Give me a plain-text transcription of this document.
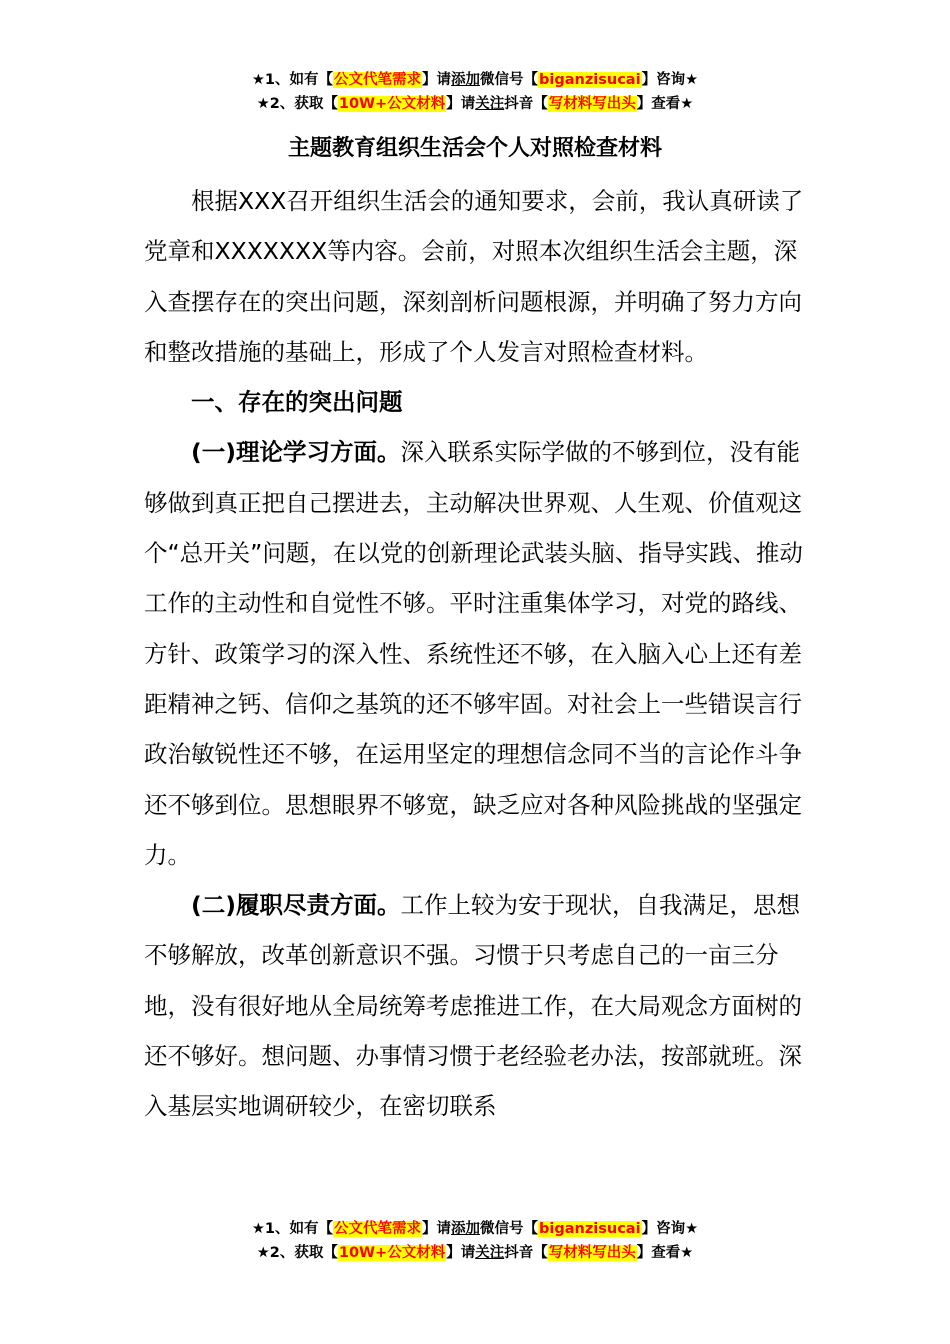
★1、如有【公文代笔需求】请添加微信号【biganzisucai】咨询★
★2、获取【10W+公文材料】请关注抖音【写材料写出头】查看★
主题教育组织生活会个人对照检查材料

根据XXX召开组织生活会的通知要求，会前，我认真研读了党章和XXXXXXX等内容。会前，对照本次组织生活会主题，深入查摆存在的突出问题，深刻剖析问题根源，并明确了努力方向和整改措施的基础上，形成了个人发言对照检查材料。

一、存在的突出问题

(一)理论学习方面。深入联系实际学做的不够到位，没有能够做到真正把自己摆进去，主动解决世界观、人生观、价值观这个“总开关”问题，在以党的创新理论武装头脑、指导实践、推动工作的主动性和自觉性不够。平时注重集体学习，对党的路线、方针、政策学习的深入性、系统性还不够，在入脑入心上还有差距精神之钙、信仰之基筑的还不够牢固。对社会上一些错误言行政治敏锐性还不够，在运用坚定的理想信念同不当的言论作斗争还不够到位。思想眼界不够宽，缺乏应对各种风险挑战的坚强定力。

(二)履职尽责方面。工作上较为安于现状，自我满足，思想不够解放，改革创新意识不强。习惯于只考虑自己的一亩三分地，没有很好地从全局统筹考虑推进工作，在大局观念方面树的还不够好。想问题、办事情习惯于老经验老办法，按部就班。深入基层实地调研较少，在密切联系

★1、如有【公文代笔需求】请添加微信号【biganzisucai】咨询★
★2、获取【10W+公文材料】请关注抖音【写材料写出头】查看★
